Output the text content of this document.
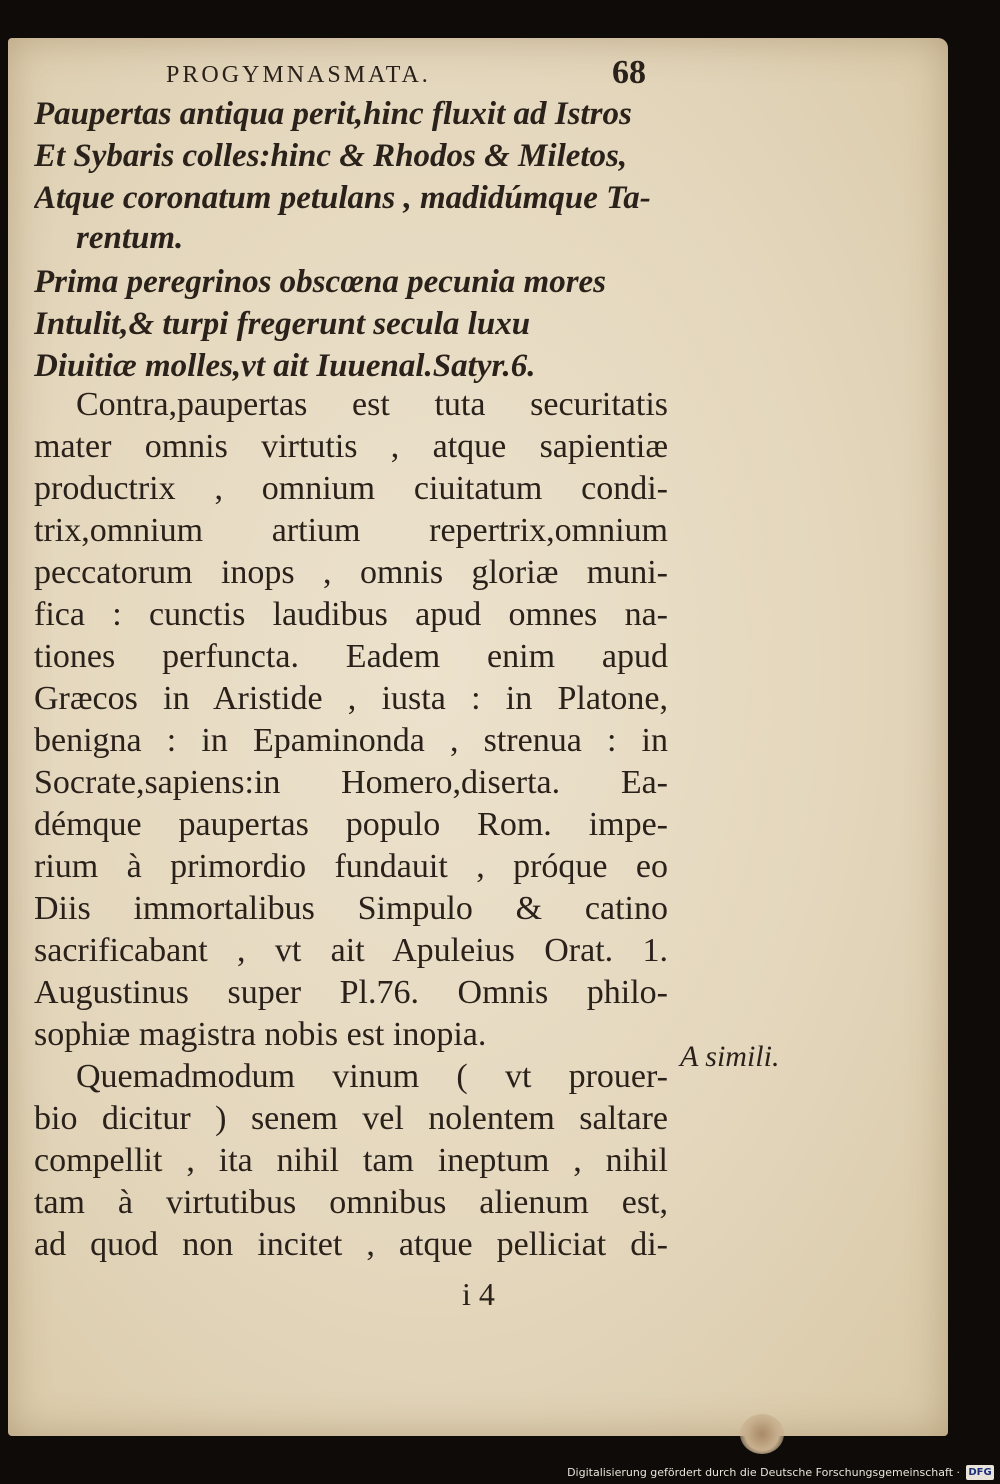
PROGYMNASMATA.	68
Paupertas antiqua perit,hinc fluxit ad Istros
Et Sybaris colles:hinc & Rhodos & Miletos,
Atque coronatum petulans , madidúmque Ta-
rentum.
Prima peregrinos obscœna pecunia mores
Intulit,& turpi fregerunt secula luxu
Diuitiæ molles,vt ait Iuuenal.Satyr.6.
Contra,paupertas est tuta securitatis
mater omnis virtutis , atque sapientiæ
productrix , omnium ciuitatum condi-
trix,omnium artium repertrix,omnium
peccatorum inops , omnis gloriæ muni-
fica : cunctis laudibus apud omnes na-
tiones perfuncta. Eadem enim apud
Græcos in Aristide , iusta : in Platone,
benigna : in Epaminonda , strenua : in
Socrate,sapiens:in Homero,diserta. Ea-
démque paupertas populo Rom. impe-
rium à primordio fundauit , próque eo
Diis immortalibus Simpulo & catino
sacrificabant , vt ait Apuleius Orat. 1.
Augustinus super Pl.76. Omnis philo-
sophiæ magistra nobis est inopia.
Quemadmodum vinum ( vt prouer-
bio dicitur ) senem vel nolentem saltare
compellit , ita nihil tam ineptum , nihil
tam à virtutibus omnibus alienum est,
ad quod non incitet , atque pelliciat di-
A simili.
i 4
Digitalisierung gefördert durch die Deutsche Forschungsgemeinschaft · DFG
